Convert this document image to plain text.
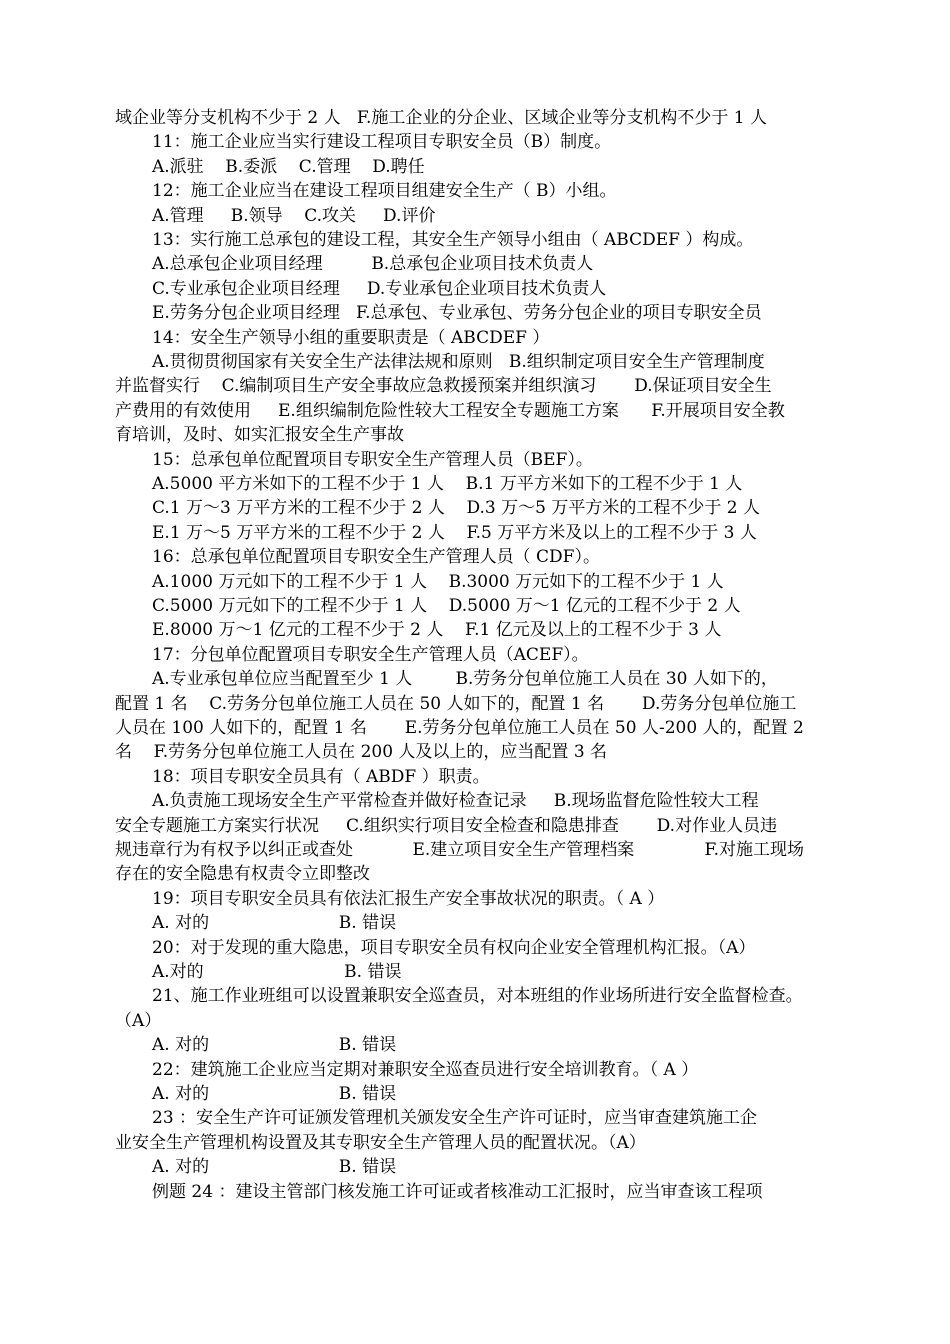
域企业等分支机构不少于 2 人   F.施工企业的分企业、区域企业等分支机构不少于 1 人
11：施工企业应当实行建设工程项目专职安全员（B）制度。
A.派驻    B.委派    C.管理    D.聘任
12：施工企业应当在建设工程项目组建安全生产（ B）小组。
A.管理     B.领导    C.攻关     D.评价
13：实行施工总承包的建设工程，其安全生产领导小组由（ ABCDEF ）构成。
A.总承包企业项目经理         B.总承包企业项目技术负责人
C.专业承包企业项目经理     D.专业承包企业项目技术负责人
E.劳务分包企业项目经理   F.总承包、专业承包、劳务分包企业的项目专职安全员
14：安全生产领导小组的重要职责是（ ABCDEF ）
A.贯彻贯彻国家有关安全生产法律法规和原则   B.组织制定项目安全生产管理制度
并监督实行    C.编制项目生产安全事故应急救援预案并组织演习       D.保证项目安全生
产费用的有效使用     E.组织编制危险性较大工程安全专题施工方案      F.开展项目安全教
育培训，及时、如实汇报安全生产事故
15：总承包单位配置项目专职安全生产管理人员（BEF）。
A.5000 平方米如下的工程不少于 1 人    B.1 万平方米如下的工程不少于 1 人
C.1 万～3 万平方米的工程不少于 2 人    D.3 万～5 万平方米的工程不少于 2 人
E.1 万～5 万平方米的工程不少于 2 人    F.5 万平方米及以上的工程不少于 3 人
16：总承包单位配置项目专职安全生产管理人员（ CDF）。
A.1000 万元如下的工程不少于 1 人    B.3000 万元如下的工程不少于 1 人
C.5000 万元如下的工程不少于 1 人    D.5000 万～1 亿元的工程不少于 2 人
E.8000 万～1 亿元的工程不少于 2 人    F.1 亿元及以上的工程不少于 3 人
17：分包单位配置项目专职安全生产管理人员（ACEF）。
A.专业承包单位应当配置至少 1 人        B.劳务分包单位施工人员在 30 人如下的，
配置 1 名    C.劳务分包单位施工人员在 50 人如下的，配置 1 名       D.劳务分包单位施工
人员在 100 人如下的，配置 1 名       E.劳务分包单位施工人员在 50 人-200 人的，配置 2
名    F.劳务分包单位施工人员在 200 人及以上的，应当配置 3 名
18：项目专职安全员具有（ ABDF ）职责。
A.负责施工现场安全生产平常检查并做好检查记录     B.现场监督危险性较大工程
安全专题施工方案实行状况     C.组织实行项目安全检查和隐患排查       D.对作业人员违
规违章行为有权予以纠正或查处           E.建立项目安全生产管理档案             F.对施工现场
存在的安全隐患有权责令立即整改
19：项目专职安全员具有依法汇报生产安全事故状况的职责。（ A ）
A. 对的                        B. 错误
20：对于发现的重大隐患，项目专职安全员有权向企业安全管理机构汇报。（A）
A.对的                          B. 错误
21、施工作业班组可以设置兼职安全巡查员，对本班组的作业场所进行安全监督检查。
（A）
A. 对的                        B. 错误
22：建筑施工企业应当定期对兼职安全巡查员进行安全培训教育。（ A ）
A. 对的                        B. 错误
23 ：安全生产许可证颁发管理机关颁发安全生产许可证时，应当审查建筑施工企
业安全生产管理机构设置及其专职安全生产管理人员的配置状况。（A）
A. 对的                        B. 错误
例题 24 ：建设主管部门核发施工许可证或者核准动工汇报时，应当审查该工程项
